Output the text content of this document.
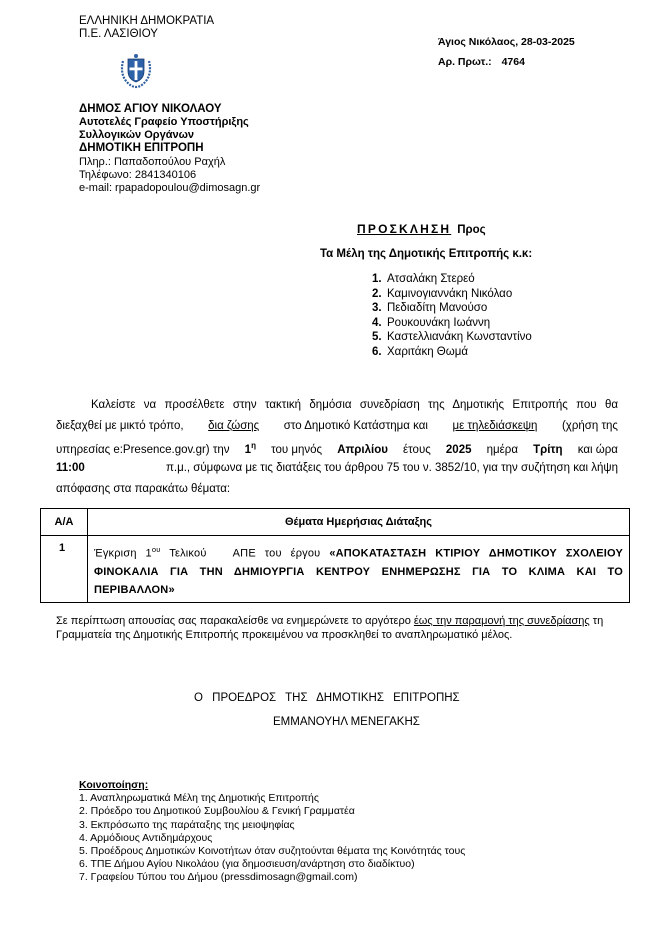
ΕΛΛΗΝΙΚΗ ΔΗΜΟΚΡΑΤΙΑ
Π.Ε. ΛΑΣΙΘΙΟΥ
ΔΗΜΟΣ ΑΓΙΟΥ ΝΙΚΟΛΑΟΥ
Αυτοτελές Γραφείο Υποστήριξης
Συλλογικών Οργάνων
ΔΗΜΟΤΙΚΗ ΕΠΙΤΡΟΠΗ
Πληρ.: Παπαδοπούλου Ραχήλ
Τηλέφωνο: 2841340106
e-mail: rpapadopoulou@dimosagn.gr
Άγιος Νικόλαος, 28-03-2025
Αρ. Πρωτ.: 4764
ΠΡΟΣΚΛΗΣΗ Προς
Τα Μέλη της Δημοτικής Επιτροπής κ.κ:
1. Ατσαλάκη Στερεό
2. Καμινογιαννάκη Νικόλαο
3. Πεδιαδίτη Μανούσο
4. Ρουκουνάκη Ιωάννη
5. Καστελλιανάκη Κωνσταντίνο
6. Χαριτάκη Θωμά
Καλείστε να προσέλθετε στην τακτική δημόσια συνεδρίαση της Δημοτικής Επιτροπής που θα
διεξαχθεί με μικτό τρόπο, δια ζώσης στο Δημοτικό Κατάστημα και με τηλεδιάσκεψη (χρήση της
υπηρεσίας e:Presence.gov.gr) την $1^\eta$ του μηνός Απριλίου έτους 2025 ημέρα Τρίτη και ώρα
11:00	π.μ., σύμφωνα με τις διατάξεις του άρθρου 75 του ν. 3852/10, για την συζήτηση και λήψη
απόφασης στα παρακάτω θέματα:
Α/Α	Θέματα Ημερήσιας Διάταξης
1	Έγκριση $1^{o\upsilon}$ Τελικού   ΑΠΕ του έργου «ΑΠΟΚΑΤΑΣΤΑΣΗ ΚΤΙΡΙΟΥ ΔΗΜΟΤΙΚΟΥ ΣΧΟΛΕΙΟΥ ΦΙΝΟΚΑΛΙΑ ΓΙΑ ΤΗΝ ΔΗΜΙΟΥΡΓΙΑ ΚΕΝΤΡΟΥ ΕΝΗΜΕΡΩΣΗΣ ΓΙΑ ΤΟ ΚΛΙΜΑ ΚΑΙ ΤΟ ΠΕΡΙΒΑΛΛΟΝ»
Σε περίπτωση απουσίας σας παρακαλείσθε να ενημερώνετε το αργότερο έως την παραμονή της συνεδρίασης τη Γραμματεία της Δημοτικής Επιτροπής προκειμένου να προσκληθεί το αναπληρωματικό μέλος.
Ο ΠΡΟΕΔΡΟΣ ΤΗΣ ΔΗΜΟΤΙΚΗΣ ΕΠΙΤΡΟΠΗΣ
ΕΜΜΑΝΟΥΗΛ ΜΕΝΕΓΑΚΗΣ
Κοινοποίηση:
1. Αναπληρωματικά Μέλη της Δημοτικής Επιτροπής
2. Πρόεδρο του Δημοτικού Συμβουλίου & Γενική Γραμματέα
3. Εκπρόσωπο της παράταξης της μειοψηφίας
4. Αρμόδιους Αντιδημάρχους
5. Προέδρους Δημοτικών Κοινοτήτων όταν συζητούνται θέματα της Κοινότητάς τους
6. ΤΠΕ Δήμου Αγίου Νικολάου (για δημοσιευση/ανάρτηση στο διαδίκτυο)
7. Γραφείου Τύπου του Δήμου (pressdimosagn@gmail.com)
